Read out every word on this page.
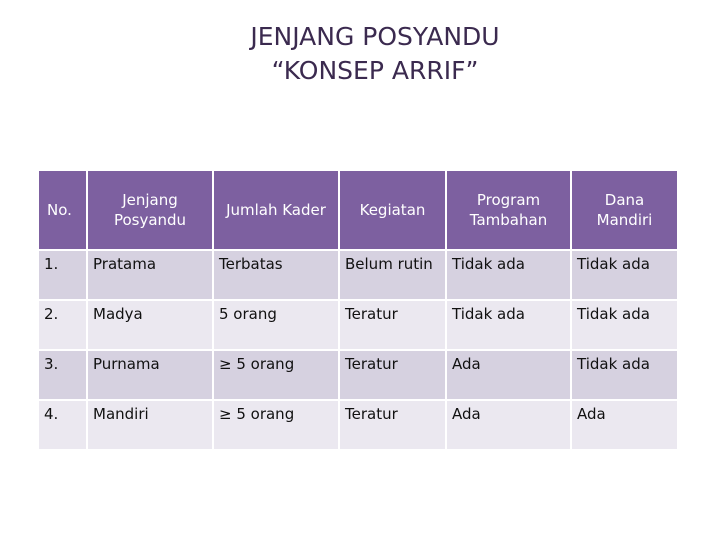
JENJANG POSYANDU
“KONSEP ARRIF”
No.	Jenjang Posyandu	Jumlah Kader	Kegiatan	Program Tambahan	Dana Mandiri
1.	Pratama	Terbatas	Belum rutin	Tidak ada	Tidak ada
2.	Madya	5 orang	Teratur	Tidak ada	Tidak ada
3.	Purnama	≥ 5 orang	Teratur	Ada	Tidak ada
4.	Mandiri	≥ 5 orang	Teratur	Ada	Ada
